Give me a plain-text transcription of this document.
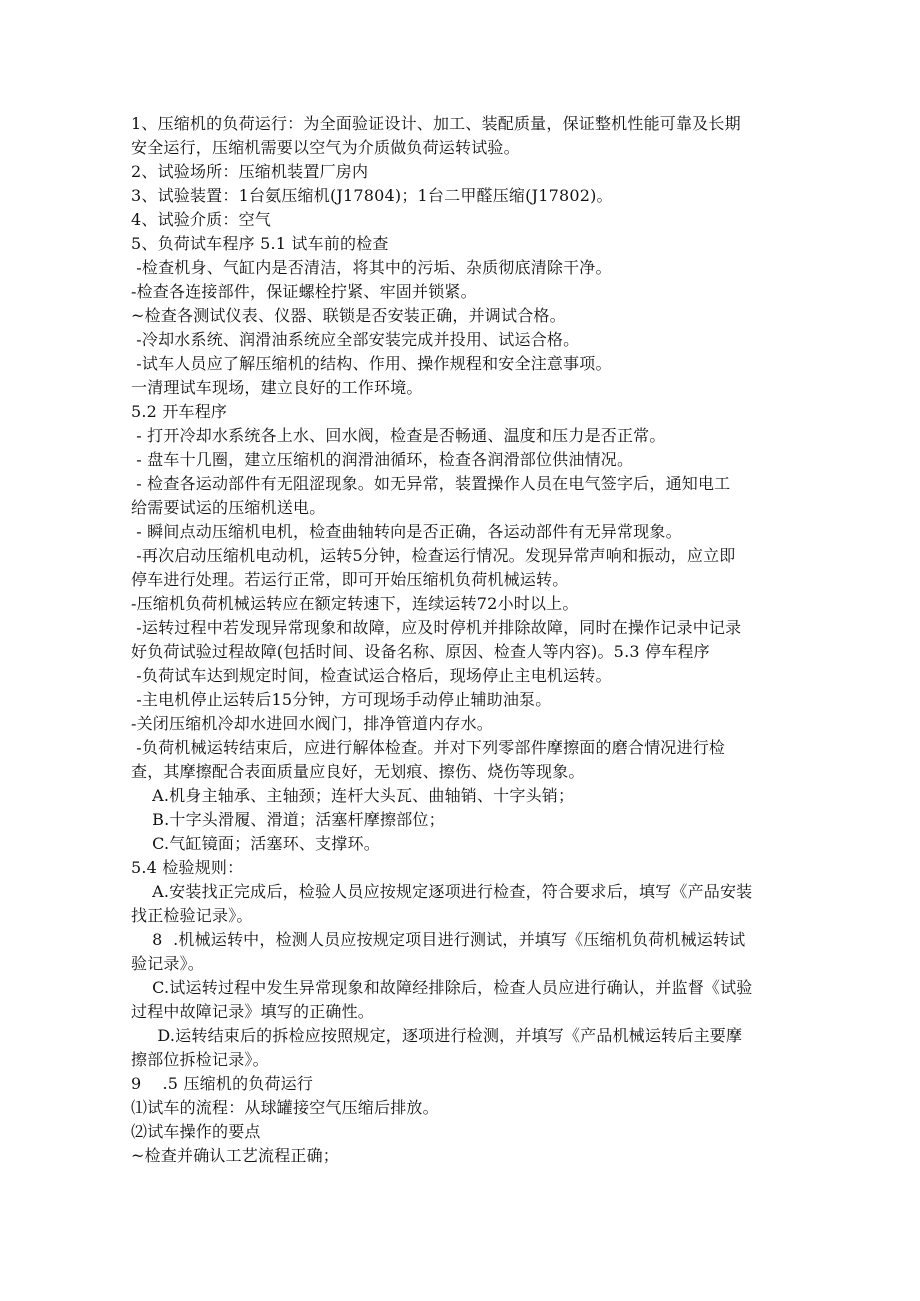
1、压缩机的负荷运行：为全面验证设计、加工、装配质量，保证整机性能可靠及长期
安全运行，压缩机需要以空气为介质做负荷运转试验。
2、试验场所：压缩机装置厂房内
3、试验装置：1台氨压缩机(J17804)；1台二甲醛压缩(J17802)。
4、试验介质：空气
5、负荷试车程序 5.1 试车前的检查
-检查机身、气缸内是否清洁，将其中的污垢、杂质彻底清除干净。
-检查各连接部件，保证螺栓拧紧、牢固并锁紧。
~检查各测试仪表、仪器、联锁是否安装正确，并调试合格。
-冷却水系统、润滑油系统应全部安装完成并投用、试运合格。
-试车人员应了解压缩机的结构、作用、操作规程和安全注意事项。
一清理试车现场，建立良好的工作环境。
5.2 开车程序
- 打开冷却水系统各上水、回水阀，检查是否畅通、温度和压力是否正常。
- 盘车十几圈，建立压缩机的润滑油循环，检查各润滑部位供油情况。
- 检查各运动部件有无阻涩现象。如无异常，装置操作人员在电气签字后，通知电工
给需要试运的压缩机送电。
- 瞬间点动压缩机电机，检查曲轴转向是否正确，各运动部件有无异常现象。
-再次启动压缩机电动机，运转5分钟，检查运行情况。发现异常声响和振动，应立即
停车进行处理。若运行正常，即可开始压缩机负荷机械运转。
-压缩机负荷机械运转应在额定转速下，连续运转72小时以上。
-运转过程中若发现异常现象和故障，应及时停机并排除故障，同时在操作记录中记录
好负荷试验过程故障(包括时间、设备名称、原因、检查人等内容)。5.3 停车程序
-负荷试车达到规定时间，检查试运合格后，现场停止主电机运转。
-主电机停止运转后15分钟，方可现场手动停止辅助油泵。
-关闭压缩机冷却水进回水阀门，排净管道内存水。
-负荷机械运转结束后，应进行解体检查。并对下列零部件摩擦面的磨合情况进行检
查，其摩擦配合表面质量应良好，无划痕、擦伤、烧伤等现象。
A.机身主轴承、主轴颈；连杆大头瓦、曲轴销、十字头销；
B.十字头滑履、滑道；活塞杆摩擦部位；
C.气缸镜面；活塞环、支撑环。
5.4 检验规则：
A.安装找正完成后，检验人员应按规定逐项进行检查，符合要求后，填写《产品安装
找正检验记录》。
8  .机械运转中，检测人员应按规定项目进行测试，并填写《压缩机负荷机械运转试
验记录》。
C.试运转过程中发生异常现象和故障经排除后，检查人员应进行确认，并监督《试验
过程中故障记录》填写的正确性。
D.运转结束后的拆检应按照规定，逐项进行检测，并填写《产品机械运转后主要摩
擦部位拆检记录》。
9    .5 压缩机的负荷运行
⑴试车的流程：从球罐接空气压缩后排放。
⑵试车操作的要点
~检查并确认工艺流程正确；
